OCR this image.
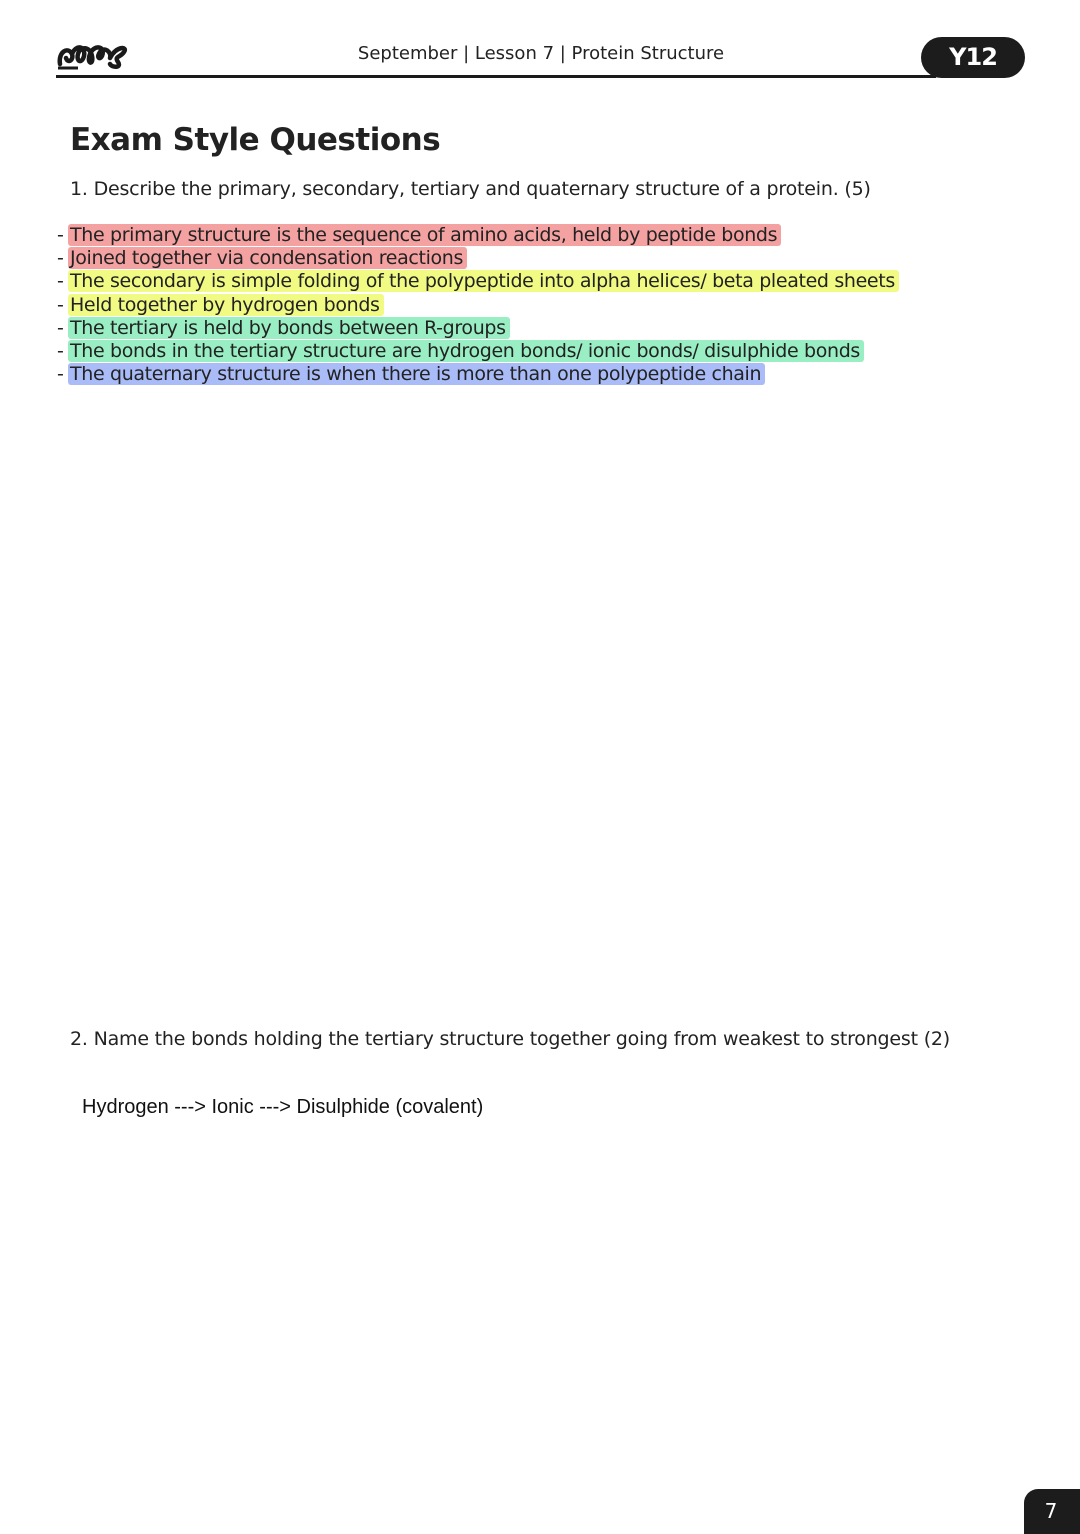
September | Lesson 7 | Protein Structure	Y12
Exam Style Questions
1. Describe the primary, secondary, tertiary and quaternary structure of a protein. (5)
- The primary structure is the sequence of amino acids, held by peptide bonds
- Joined together via condensation reactions
- The secondary is simple folding of the polypeptide into alpha helices/ beta pleated sheets
- Held together by hydrogen bonds
- The tertiary is held by bonds between R-groups
- The bonds in the tertiary structure are hydrogen bonds/ ionic bonds/ disulphide bonds
- The quaternary structure is when there is more than one polypeptide chain
2. Name the bonds holding the tertiary structure together going from weakest to strongest (2)
Hydrogen ---> Ionic ---> Disulphide (covalent)
7
